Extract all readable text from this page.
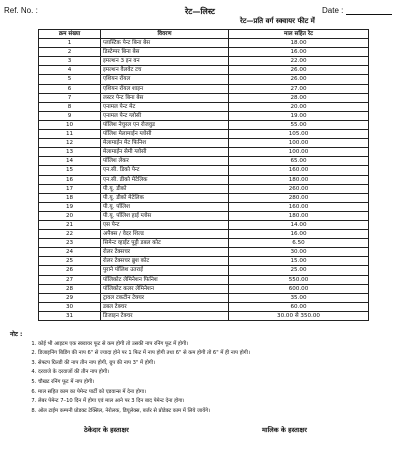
Ref. No. :	रेट—लिस्ट	Date :
रेट—प्रति वर्ग स्क्वायर फीट में
क्रम संख्या	विवरण	माल सहित रेट
1	प्लास्टिक पेन्ट बिना बेस	18.00
2	डिस्टेम्पर बिना बेस	16.00
3	इमल्शन 3 इन वन	22.00
4	इमल्शन वैलवेट टच	26.00
5	एशियन रॉयल	26.00
6	एशियन रॉयल शाइन	27.00
7	लस्टर पेन्ट बिना बेस	28.00
8	एनामल पेन्ट मेट	20.00
9	एनामल पेन्ट ग्लोसी	19.00
10	पॉलिश नेचुरल एन रोजवुड	55.00
11	पॉलिश मेलामाईन ग्लोसी	105.00
12	मेलामाईन मेट फिनिश	100.00
13	मेलामाईन सेमी ग्लोसी	100.00
14	पॉलिश लेकर	65.00
15	एन.सी. डिको पेन्ट	160.00
16	एन.सी. डीको मेटेलिक	180.00
17	पी.यू. डीको	260.00
18	पी.यू. डीको मेटेलिक	280.00
19	पी.यू. पॉलिश	160.00
20	पी.यू. पॉलिश हाई ग्लोस	180.00
21	एस पेन्ट	14.00
22	अपैक्स / वेदर शिल्ड	16.00
23	सिमेन्ट व्हाईट पुट्टी डबल कोट	6.50
24	रोलर टेक्सचर	30.00
25	रोलर टेक्सचर ब्रुश कोट	15.00
26	पुराने पॉलिश उतराई	25.00
27	पॉलिकोट लेमिनेशन फिनिश	550.00
28	पॉलिकोट कलर लेमिनेशन	600.00
29	ट्रावल टकटीन टेक्चर	35.00
30	डबल टेक्चर	60.00
31	डिजाइन टेक्चर	30.00 से 350.00
नोट :
1. कोई भी आइटम एक स्क्वायर फूट से कम होगी तो उसकी नाप रनिंग फूट में होगी।
2. डिजाइनिंग बिडिंग की नाप 6" से ज्यादा होने पर 1 फिट में नाप होगी तथा 6" से कम होगी तो 6" में ही नाप होगी।
3. सेफ्टप ग्रिल्डी की नाप तीन नाप होगी, ग्रुप की नाप 3" में होगी।
4. दरवाजे के दरवाजों की तीन नाप होगी।
5. चौखट रनिंग फूट में नाप होगी।
6. माल सहित काम का पेमेन्ट पार्टी को एडवान्स में देना होगा।
7. लेबर पेमेन्ट 7–10 दिन में होगा एवं माल आने पर 3 दिन बाद पेमेन्ट देना होगा।
8. ओल टाईम कम्पनी प्रोडक्ट टेक्सिल, नेरोलक, डियूलेक्स, बर्जर से प्रोडेक्ट काम में लिये जायेंगे।
ठेकेदार के हस्ताक्षर	मालिक के हस्ताक्षर
